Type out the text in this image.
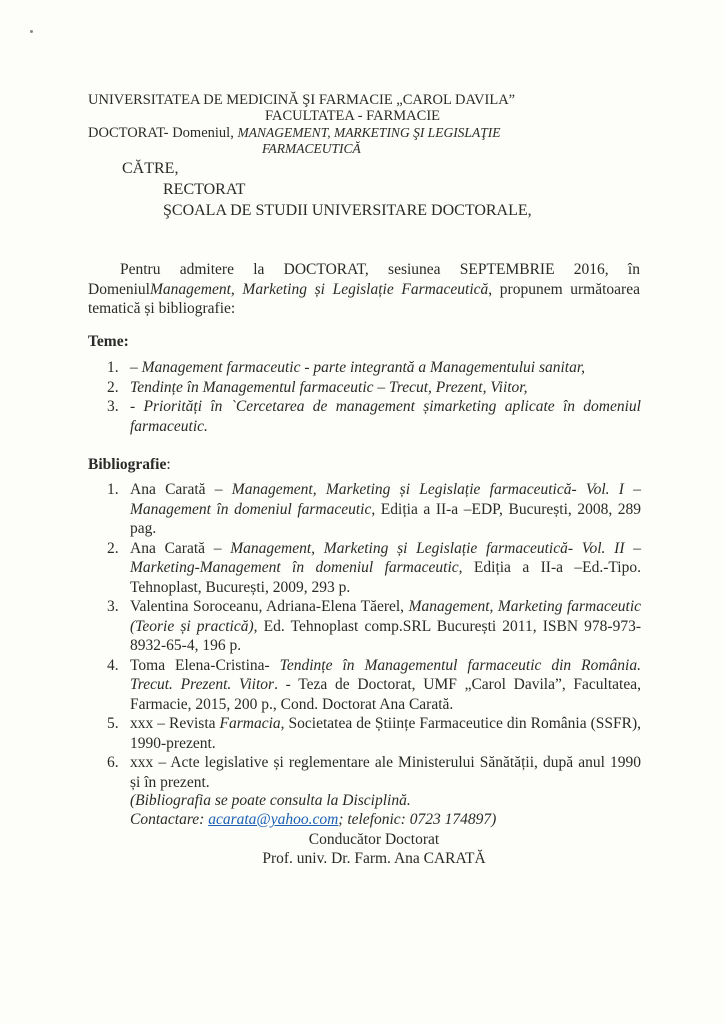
UNIVERSITATEA DE MEDICINĂ ŞI FARMACIE „CAROL DAVILA”
FACULTATEA - FARMACIE
DOCTORAT- Domeniul, MANAGEMENT, MARKETING ŞI LEGISLAŢIE
FARMACEUTICĂ
CĂTRE,
RECTORAT
ŞCOALA DE STUDII UNIVERSITARE DOCTORALE,
Pentru admitere la DOCTORAT, sesiunea SEPTEMBRIE 2016, în DomeniulManagement, Marketing și Legislație Farmaceutică, propunem următoarea tematică și bibliografie:
Teme:
1. – Management farmaceutic - parte integrantă a Managementului sanitar,
2. Tendințe în Managementul farmaceutic – Trecut, Prezent, Viitor,
3. - Priorități în `Cercetarea de management șimarketing aplicate în domeniul farmaceutic.
Bibliografie:
1. Ana Carată – Management, Marketing și Legislație farmaceutică- Vol. I – Management în domeniul farmaceutic, Ediția a II-a –EDP, București, 2008, 289 pag.
2. Ana Carată – Management, Marketing și Legislație farmaceutică- Vol. II –Marketing-Management în domeniul farmaceutic, Ediția a II-a –Ed.-Tipo. Tehnoplast, București, 2009, 293 p.
3. Valentina Soroceanu, Adriana-Elena Tăerel, Management, Marketing farmaceutic (Teorie și practică), Ed. Tehnoplast comp.SRL București 2011, ISBN 978-973-8932-65-4, 196 p.
4. Toma Elena-Cristina- Tendințe în Managementul farmaceutic din România. Trecut. Prezent. Viitor. - Teza de Doctorat, UMF „Carol Davila”, Facultatea, Farmacie, 2015, 200 p., Cond. Doctorat Ana Carată.
5. xxx – Revista Farmacia, Societatea de Științe Farmaceutice din România (SSFR), 1990-prezent.
6. xxx – Acte legislative și reglementare ale Ministerului Sănătății, după anul 1990 și în prezent.
(Bibliografia se poate consulta la Disciplină.
Contactare: acarata@yahoo.com; telefonic: 0723 174897)
Conducător Doctorat
Prof. univ. Dr. Farm. Ana CARATĂ
